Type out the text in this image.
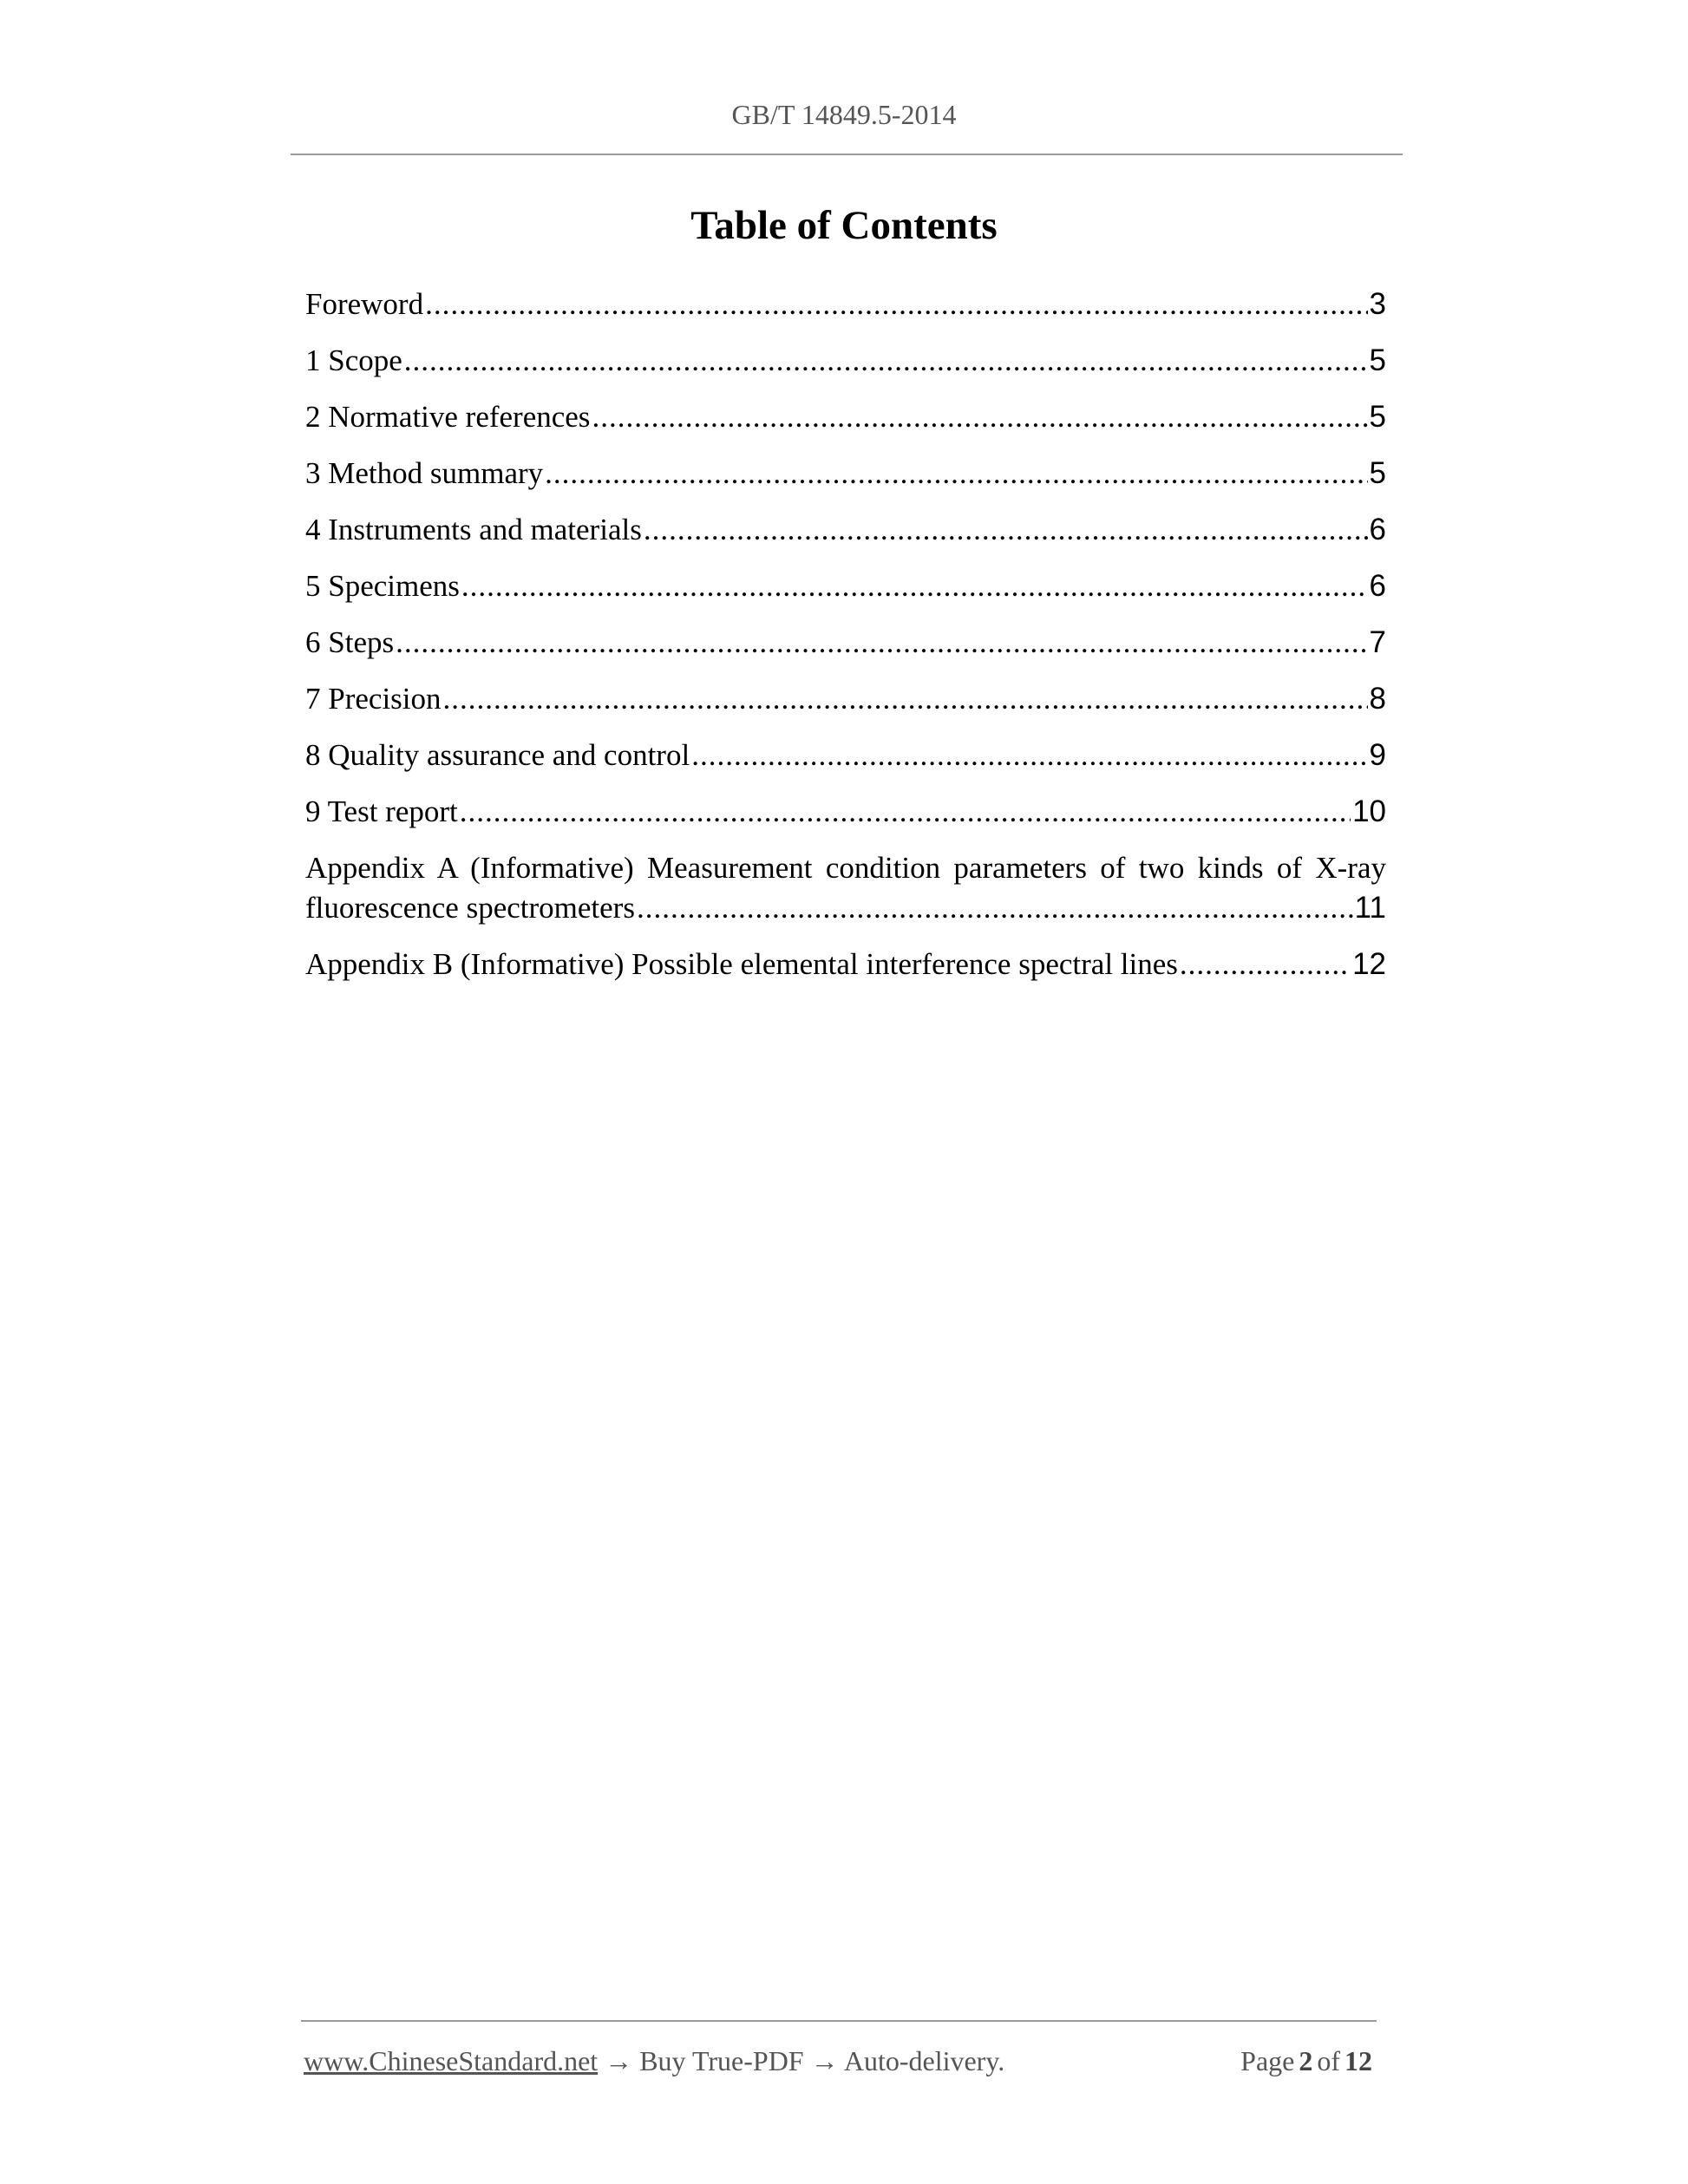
GB/T 14849.5-2014
Table of Contents
Foreword .....	3
1 Scope .....	5
2 Normative references .....	5
3 Method summary .....	5
4 Instruments and materials .....	6
5 Specimens .....	6
6 Steps .....	7
7 Precision .....	8
8 Quality assurance and control .....	9
9 Test report .....	10
Appendix A (Informative) Measurement condition parameters of two kinds of X-ray
fluorescence spectrometers .....	11
Appendix B (Informative) Possible elemental interference spectral lines .....	12
www.ChineseStandard.net → Buy True-PDF → Auto-delivery.	Page 2 of 12
